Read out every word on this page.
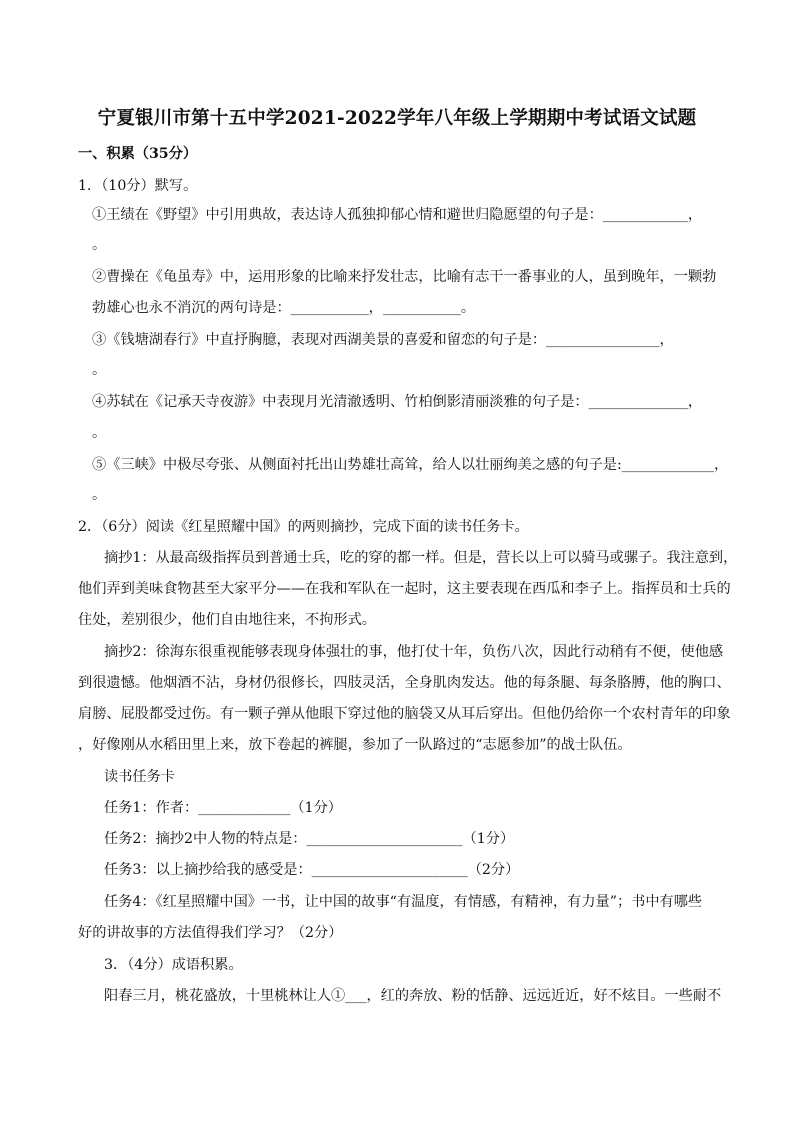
宁夏银川市第十五中学2021-2022学年八年级上学期期中考试语文试题
一、积累（35分）
1．（10分）默写。
①王绩在《野望》中引用典故，表达诗人孤独抑郁心情和避世归隐愿望的句子是：____________，
。
②曹操在《龟虽寿》中，运用形象的比喻来抒发壮志，比喻有志干一番事业的人，虽到晚年，一颗勃
勃雄心也永不消沉的两句诗是：___________，___________。
③《钱塘湖春行》中直抒胸臆，表现对西湖美景的喜爱和留恋的句子是：________________，
。
④苏轼在《记承天寺夜游》中表现月光清澈透明、竹柏倒影清丽淡雅的句子是：______________，
。
⑤《三峡》中极尽夸张、从侧面衬托出山势雄壮高耸，给人以壮丽绚美之感的句子是:_____________，
。
2．（6分）阅读《红星照耀中国》的两则摘抄，完成下面的读书任务卡。
摘抄1：从最高级指挥员到普通士兵，吃的穿的都一样。但是，营长以上可以骑马或骡子。我注意到，
他们弄到美味食物甚至大家平分——在我和军队在一起时，这主要表现在西瓜和李子上。指挥员和士兵的
住处，差别很少，他们自由地往来，不拘形式。
摘抄2：徐海东很重视能够表现身体强壮的事，他打仗十年，负伤八次，因此行动稍有不便，使他感
到很遗憾。他烟酒不沾，身材仍很修长，四肢灵活，全身肌肉发达。他的每条腿、每条胳膊，他的胸口、
肩膀、屁股都受过伤。有一颗子弹从他眼下穿过他的脑袋又从耳后穿出。但他仍给你一个农村青年的印象
，好像刚从水稻田里上来，放下卷起的裤腿，参加了一队路过的“志愿参加”的战士队伍。
读书任务卡
任务1：作者：_____________（1分）
任务2：摘抄2中人物的特点是：______________________（1分）
任务3：以上摘抄给我的感受是：______________________（2分）
任务4：《红星照耀中国》一书，让中国的故事“有温度，有情感，有精神，有力量”；书中有哪些
好的讲故事的方法值得我们学习？（2分）
3．（4分）成语积累。
阳春三月，桃花盛放，十里桃林让人①___，红的奔放、粉的恬静、远远近近，好不炫目。一些耐不
